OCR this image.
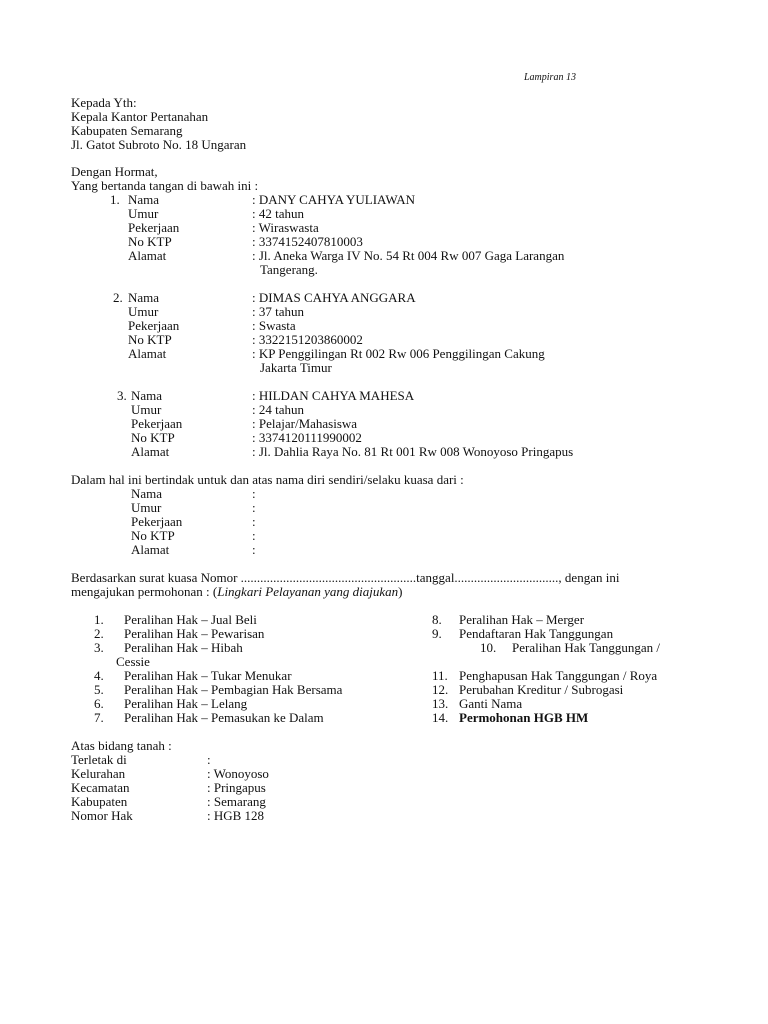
Lampiran 13
Kepada Yth:
Kepala Kantor Pertanahan
Kabupaten Semarang
Jl. Gatot Subroto No. 18 Ungaran
Dengan Hormat,
Yang bertanda tangan di bawah ini :
1. Nama	: DANY CAHYA YULIAWAN
Umur	: 42 tahun
Pekerjaan	: Wiraswasta
No KTP	: 3374152407810003
Alamat	: Jl. Aneka Warga IV No. 54 Rt 004 Rw 007 Gaga Larangan
Tangerang.
2. Nama	: DIMAS CAHYA ANGGARA
Umur	: 37 tahun
Pekerjaan	: Swasta
No KTP	: 3322151203860002
Alamat	: KP Penggilingan Rt 002 Rw 006 Penggilingan Cakung
Jakarta Timur
3. Nama	: HILDAN CAHYA MAHESA
Umur	: 24 tahun
Pekerjaan	: Pelajar/Mahasiswa
No KTP	: 3374120111990002
Alamat	: Jl. Dahlia Raya No. 81 Rt 001 Rw 008 Wonoyoso Pringapus
Dalam hal ini bertindak untuk dan atas nama diri sendiri/selaku kuasa dari :
Nama	:
Umur	:
Pekerjaan	:
No KTP	:
Alamat	:
Berdasarkan surat kuasa Nomor ......................................................tanggal................................, dengan ini
mengajukan permohonan : (Lingkari Pelayanan yang diajukan)
1. Peralihan Hak – Jual Beli
2. Peralihan Hak – Pewarisan
3. Peralihan Hak – Hibah
Cessie
4. Peralihan Hak – Tukar Menukar
5. Peralihan Hak – Pembagian Hak Bersama
6. Peralihan Hak – Lelang
7. Peralihan Hak – Pemasukan ke Dalam
8. Peralihan Hak – Merger
9. Pendaftaran Hak Tanggungan
10. Peralihan Hak Tanggungan /
11. Penghapusan Hak Tanggungan / Roya
12. Perubahan Kreditur / Subrogasi
13. Ganti Nama
14. Permohonan HGB HM
Atas bidang tanah :
Terletak di	:
Kelurahan	: Wonoyoso
Kecamatan	: Pringapus
Kabupaten	: Semarang
Nomor Hak	: HGB 128
